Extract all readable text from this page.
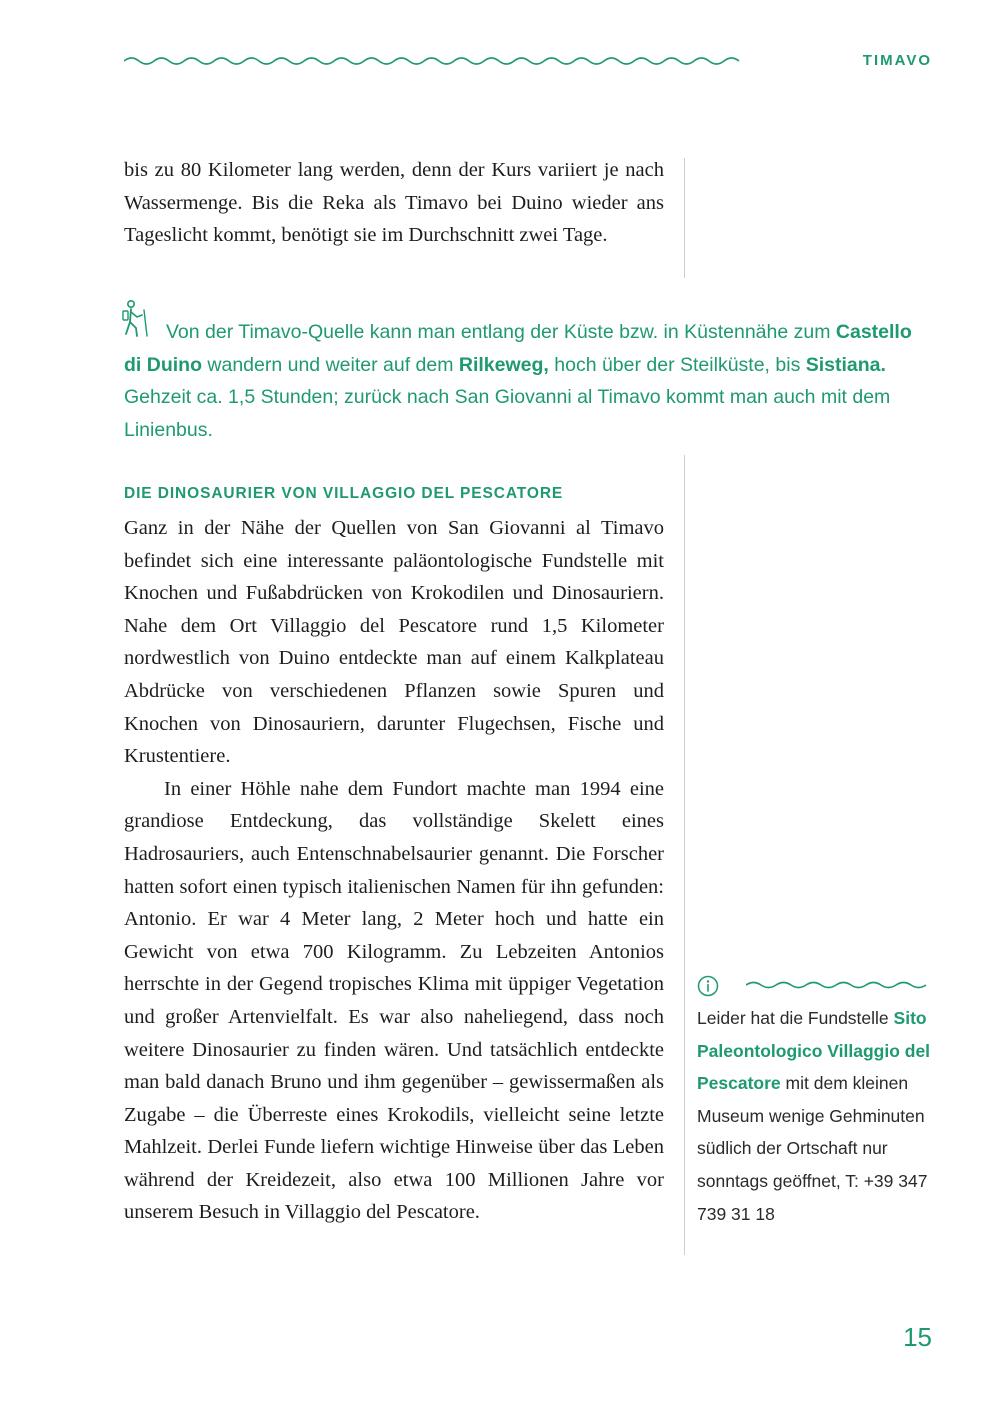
TIMAVO
bis zu 80 Kilometer lang werden, denn der Kurs variiert je nach Wassermenge. Bis die Reka als Timavo bei Duino wieder ans Tageslicht kommt, benötigt sie im Durchschnitt zwei Tage.
Von der Timavo-Quelle kann man entlang der Küste bzw. in Küstennähe zum Castello di Duino wandern und weiter auf dem Rilkeweg, hoch über der Steilküste, bis Sistiana. Gehzeit ca. 1,5 Stunden; zurück nach San Giovanni al Timavo kommt man auch mit dem Linienbus.
DIE DINOSAURIER VON VILLAGGIO DEL PESCATORE

Ganz in der Nähe der Quellen von San Giovanni al Timavo befindet sich eine interessante paläontologische Fundstelle mit Knochen und Fußabdrücken von Krokodilen und Dinosauriern. Nahe dem Ort Villaggio del Pescatore rund 1,5 Kilometer nordwestlich von Duino entdeckte man auf einem Kalkplateau Abdrücke von verschiedenen Pflanzen sowie Spuren und Knochen von Dinosauriern, darunter Flugechsen, Fische und Krustentiere.

In einer Höhle nahe dem Fundort machte man 1994 eine grandiose Entdeckung, das vollständige Skelett eines Hadrosauriers, auch Entenschnabelsaurier genannt. Die Forscher hatten sofort einen typisch italienischen Namen für ihn gefunden: Antonio. Er war 4 Meter lang, 2 Meter hoch und hatte ein Gewicht von etwa 700 Kilogramm. Zu Lebzeiten Antonios herrschte in der Gegend tropisches Klima mit üppiger Vegetation und großer Artenvielfalt. Es war also naheliegend, dass noch weitere Dinosaurier zu finden wären. Und tatsächlich entdeckte man bald danach Bruno und ihm gegenüber – gewissermaßen als Zugabe – die Überreste eines Krokodils, vielleicht seine letzte Mahlzeit. Derlei Funde liefern wichtige Hinweise über das Leben während der Kreidezeit, also etwa 100 Millionen Jahre vor unserem Besuch in Villaggio del Pescatore.

Leider hat die Fundstelle Sito Paleontologico Villaggio del Pescatore mit dem kleinen Museum wenige Gehminuten südlich der Ortschaft nur sonntags geöffnet, T: +39 347 739 31 18
15
